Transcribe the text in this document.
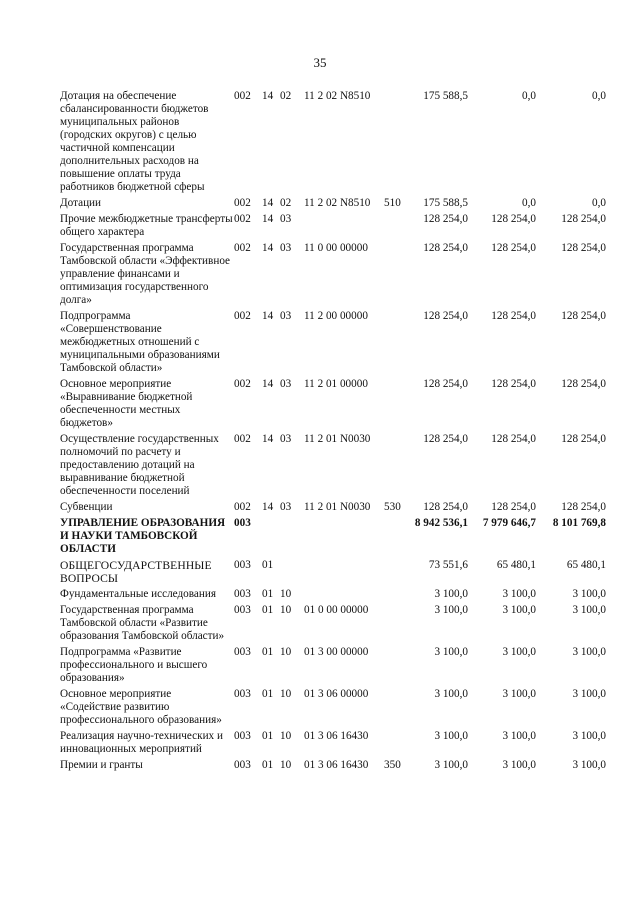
35
Дотация на обеспечение сбалансированности бюджетов муниципальных районов (городских округов) с целью частичной компенсации дополнительных расходов на повышение оплаты труда работников бюджетной сферы	002	14	02	11 2 02 N8510		175 588,5	0,0	0,0
Дотации	002	14	02	11 2 02 N8510	510	175 588,5	0,0	0,0
Прочие межбюджетные трансферты общего характера	002	14	03			128 254,0	128 254,0	128 254,0
Государственная программа Тамбовской области «Эффективное управление финансами и оптимизация государственного долга»	002	14	03	11 0 00 00000		128 254,0	128 254,0	128 254,0
Подпрограмма «Совершенствование межбюджетных отношений с муниципальными образованиями Тамбовской области»	002	14	03	11 2 00 00000		128 254,0	128 254,0	128 254,0
Основное мероприятие «Выравнивание бюджетной обеспеченности местных бюджетов»	002	14	03	11 2 01 00000		128 254,0	128 254,0	128 254,0
Осуществление государственных полномочий по расчету и предоставлению дотаций на выравнивание бюджетной обеспеченности поселений	002	14	03	11 2 01 N0030		128 254,0	128 254,0	128 254,0
Субвенции	002	14	03	11 2 01 N0030	530	128 254,0	128 254,0	128 254,0
УПРАВЛЕНИЕ ОБРАЗОВАНИЯ И НАУКИ ТАМБОВСКОЙ ОБЛАСТИ	003					8 942 536,1	7 979 646,7	8 101 769,8
ОБЩЕГОСУДАРСТВЕННЫЕ ВОПРОСЫ	003	01				73 551,6	65 480,1	65 480,1
Фундаментальные исследования	003	01	10			3 100,0	3 100,0	3 100,0
Государственная программа Тамбовской области «Развитие образования Тамбовской области»	003	01	10	01 0 00 00000		3 100,0	3 100,0	3 100,0
Подпрограмма «Развитие профессионального и высшего образования»	003	01	10	01 3 00 00000		3 100,0	3 100,0	3 100,0
Основное мероприятие «Содействие развитию профессионального образования»	003	01	10	01 3 06 00000		3 100,0	3 100,0	3 100,0
Реализация научно-технических и инновационных мероприятий	003	01	10	01 3 06 16430		3 100,0	3 100,0	3 100,0
Премии и гранты	003	01	10	01 3 06 16430	350	3 100,0	3 100,0	3 100,0
